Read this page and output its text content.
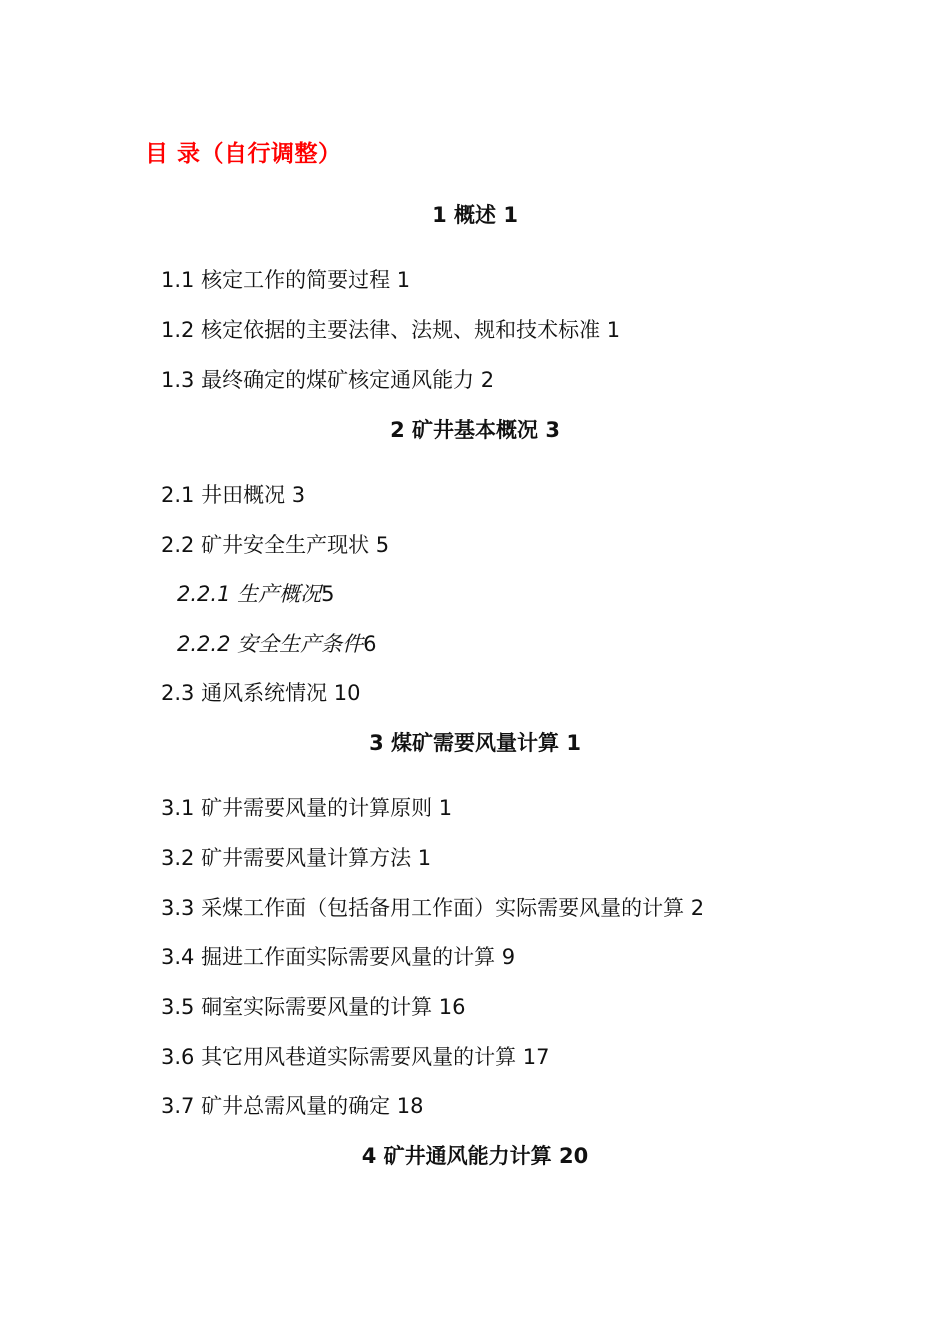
目 录（自行调整）
1 概述 1
1.1 核定工作的简要过程 1
1.2 核定依据的主要法律、法规、规和技术标准 1
1.3 最终确定的煤矿核定通风能力 2
2 矿井基本概况 3
2.1 井田概况 3
2.2 矿井安全生产现状 5
2.2.1 生产概况5
2.2.2 安全生产条件6
2.3 通风系统情况 10
3 煤矿需要风量计算 1
3.1 矿井需要风量的计算原则 1
3.2 矿井需要风量计算方法 1
3.3 采煤工作面（包括备用工作面）实际需要风量的计算 2
3.4 掘进工作面实际需要风量的计算 9
3.5 硐室实际需要风量的计算 16
3.6 其它用风巷道实际需要风量的计算 17
3.7 矿井总需风量的确定 18
4 矿井通风能力计算 20
